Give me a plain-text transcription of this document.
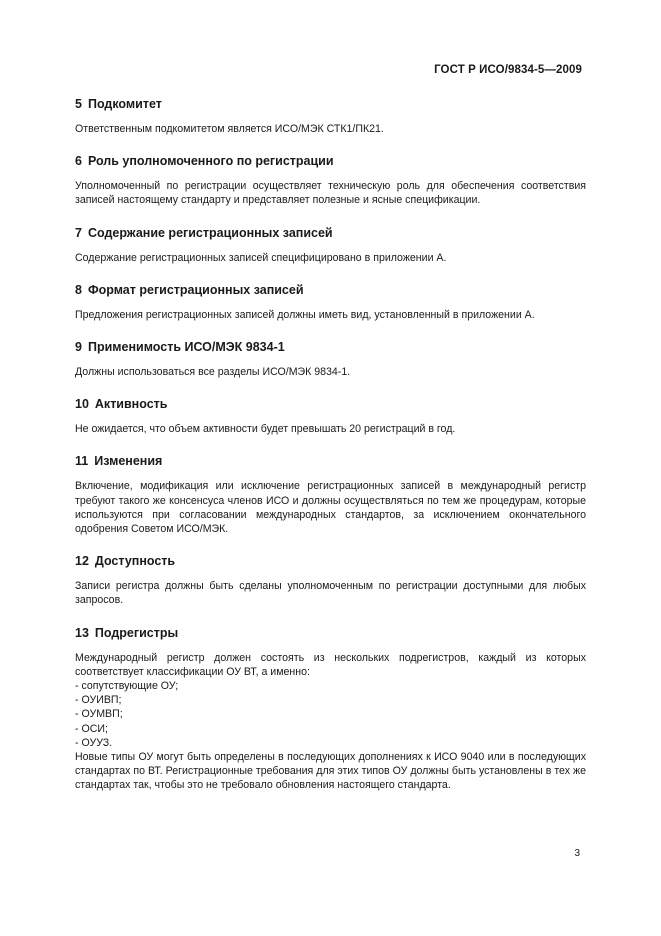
ГОСТ Р ИСО/9834-5—2009
5 Подкомитет

Ответственным подкомитетом является ИСО/МЭК СТК1/ПК21.

6 Роль уполномоченного по регистрации

Уполномоченный по регистрации осуществляет техническую роль для обеспечения соответствия записей настоящему стандарту и представляет полезные и ясные спецификации.

7 Содержание регистрационных записей

Содержание регистрационных записей специфицировано в приложении А.

8 Формат регистрационных записей

Предложения регистрационных записей должны иметь вид, установленный в приложении А.

9 Применимость ИСО/МЭК 9834-1

Должны использоваться все разделы ИСО/МЭК 9834-1.

10 Активность

Не ожидается, что объем активности будет превышать 20 регистраций в год.

11 Изменения

Включение, модификация или исключение регистрационных записей в международный регистр требуют такого же консенсуса членов ИСО и должны осуществляться по тем же процедурам, которые используются при согласовании международных стандартов, за исключением окончательного одобрения Советом ИСО/МЭК.

12 Доступность

Записи регистра должны быть сделаны уполномоченным по регистрации доступными для любых запросов.

13 Подрегистры

Международный регистр должен состоять из нескольких подрегистров, каждый из которых соответствует классификации ОУ ВТ, а именно:

- сопутствующие ОУ;
- ОУИВП;
- ОУМВП;
- ОСИ;
- ОУУЗ.

Новые типы ОУ могут быть определены в последующих дополнениях к ИСО 9040 или в последующих стандартах по ВТ. Регистрационные требования для этих типов ОУ должны быть установлены в тех же стандартах так, чтобы это не требовало обновления настоящего стандарта.

3
